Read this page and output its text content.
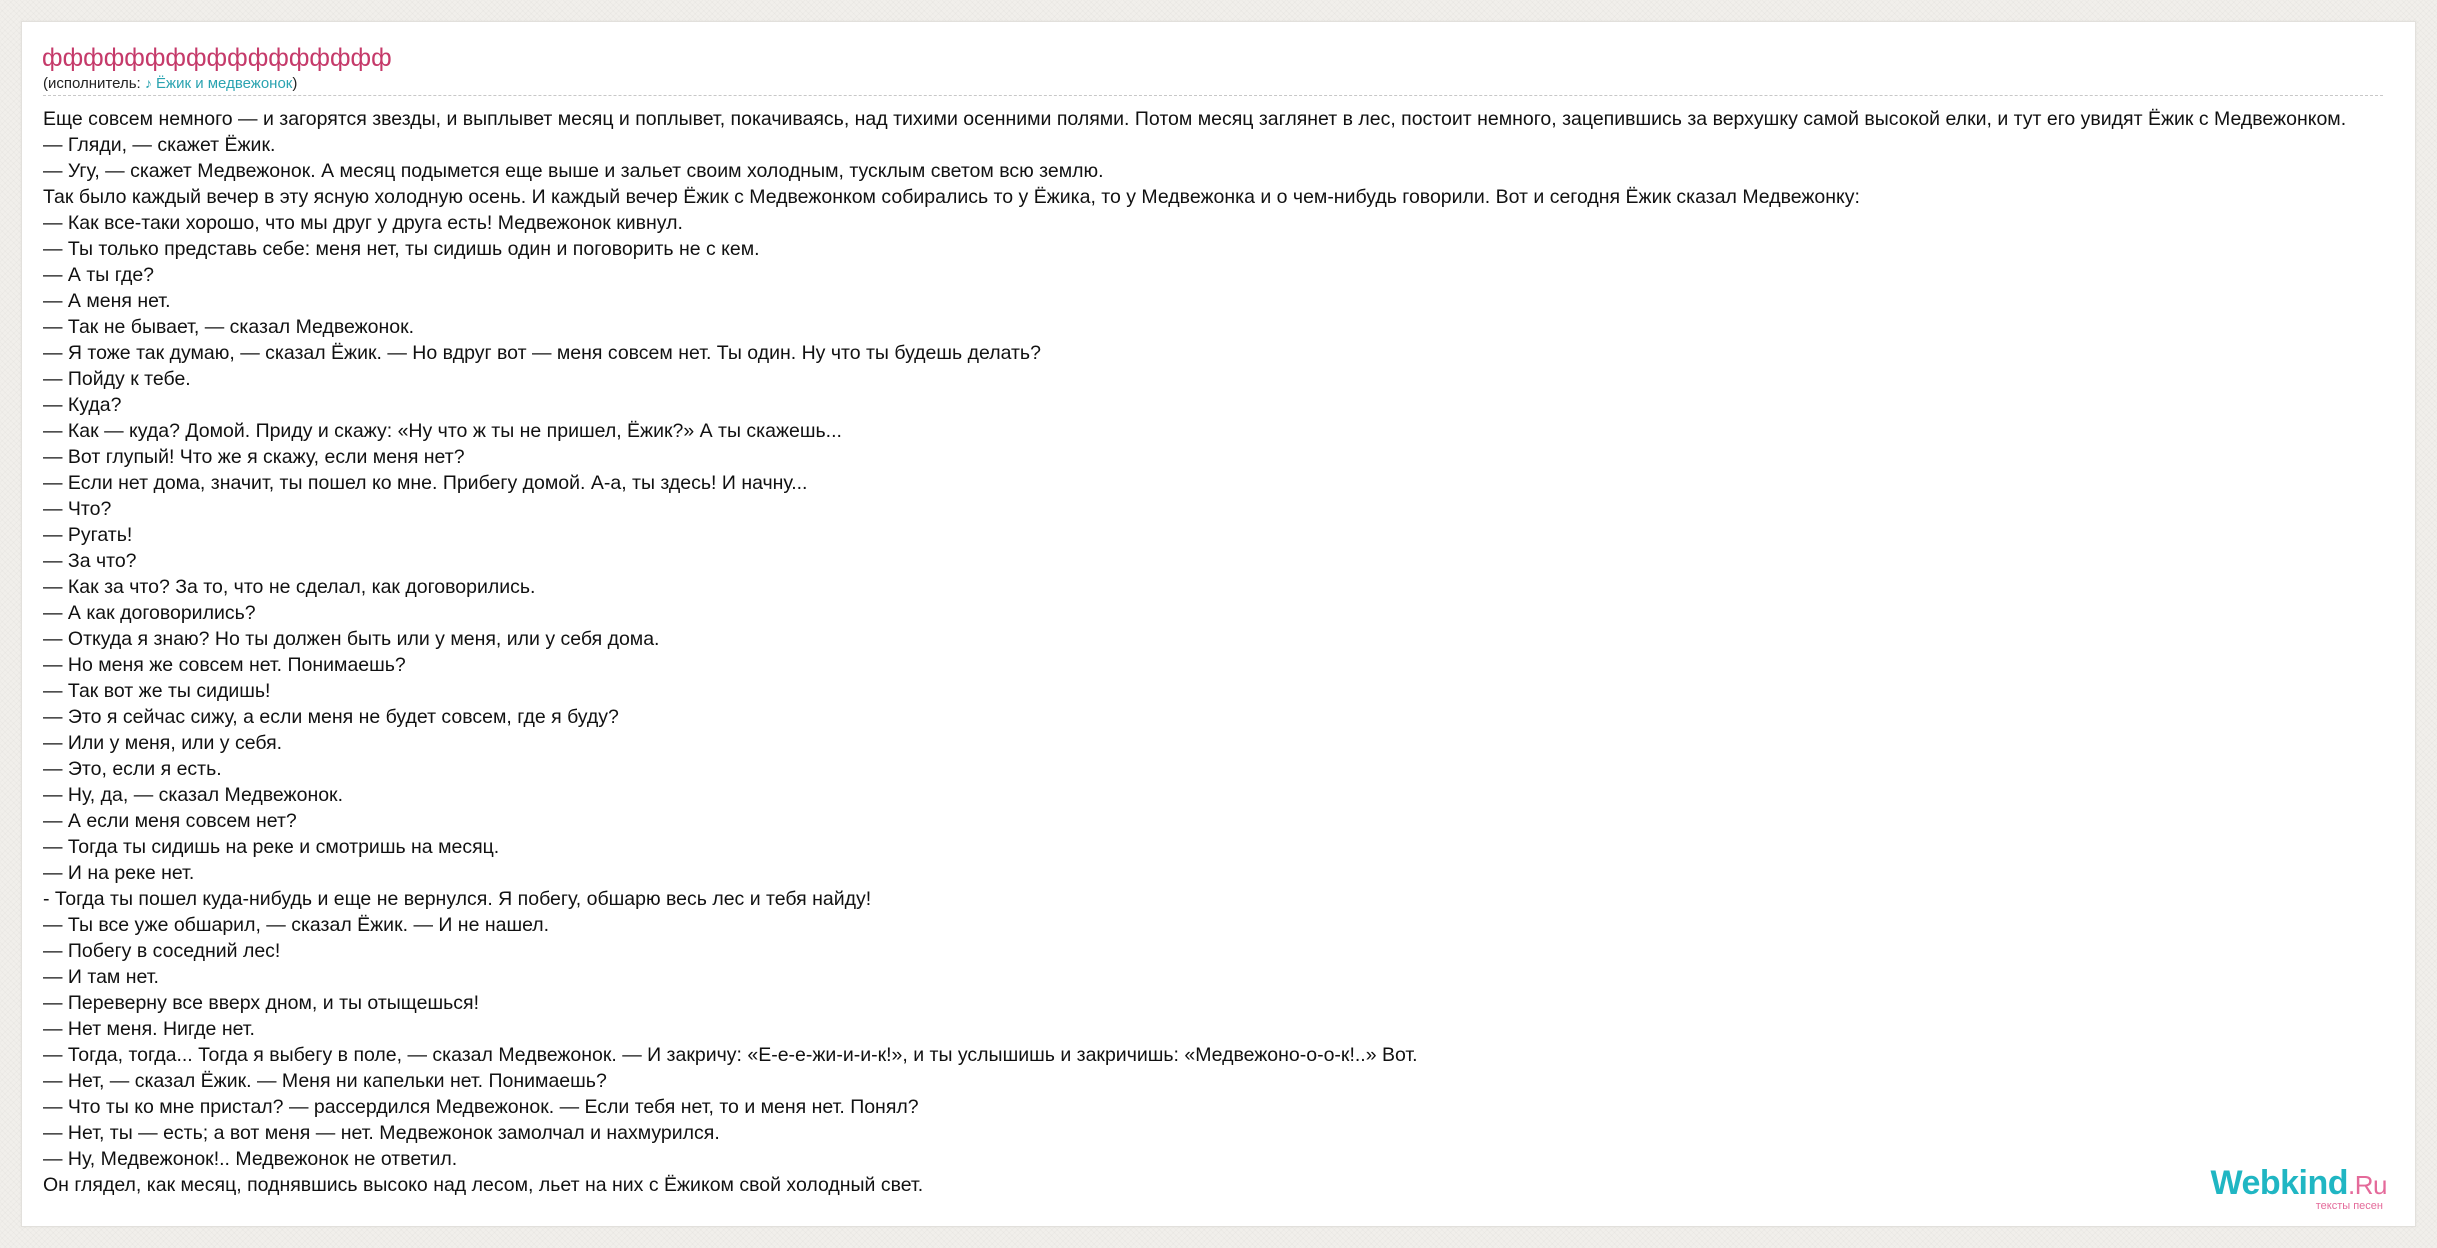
ффффффффффффффффф
(исполнитель: ♪ Ёжик и медвежонок)
Еще совсем немного — и загорятся звезды, и выплывет месяц и поплывет, покачиваясь, над тихими осенними полями. Потом месяц заглянет в лес, постоит немного, зацепившись за верхушку самой высокой елки, и тут его увидят Ёжик с Медвежонком.
— Гляди, — скажет Ёжик.
— Угу, — скажет Медвежонок. А месяц подымется еще выше и зальет своим холодным, тусклым светом всю землю.
Так было каждый вечер в эту ясную холодную осень. И каждый вечер Ёжик с Медвежонком собирались то у Ёжика, то у Медвежонка и о чем-нибудь говорили. Вот и сегодня Ёжик сказал Медвежонку:
— Как все-таки хорошо, что мы друг у друга есть! Медвежонок кивнул.
— Ты только представь себе: меня нет, ты сидишь один и поговорить не с кем.
— А ты где?
— А меня нет.
— Так не бывает, — сказал Медвежонок.
— Я тоже так думаю, — сказал Ёжик. — Но вдруг вот — меня совсем нет. Ты один. Ну что ты будешь делать?
— Пойду к тебе.
— Куда?
— Как — куда? Домой. Приду и скажу: «Ну что ж ты не пришел, Ёжик?» А ты скажешь...
— Вот глупый! Что же я скажу, если меня нет?
— Если нет дома, значит, ты пошел ко мне. Прибегу домой. А-а, ты здесь! И начну...
— Что?
— Ругать!
— За что?
— Как за что? За то, что не сделал, как договорились.
— А как договорились?
— Откуда я знаю? Но ты должен быть или у меня, или у себя дома.
— Но меня же совсем нет. Понимаешь?
— Так вот же ты сидишь!
— Это я сейчас сижу, а если меня не будет совсем, где я буду?
— Или у меня, или у себя.
— Это, если я есть.
— Ну, да, — сказал Медвежонок.
— А если меня совсем нет?
— Тогда ты сидишь на реке и смотришь на месяц.
— И на реке нет.
- Тогда ты пошел куда-нибудь и еще не вернулся. Я побегу, обшарю весь лес и тебя найду!
— Ты все уже обшарил, — сказал Ёжик. — И не нашел.
— Побегу в соседний лес!
— И там нет.
— Переверну все вверх дном, и ты отыщешься!
— Нет меня. Нигде нет.
— Тогда, тогда... Тогда я выбегу в поле, — сказал Медвежонок. — И закричу: «Е-е-е-жи-и-и-к!», и ты услышишь и закричишь: «Медвежоно-о-о-к!..» Вот.
— Нет, — сказал Ёжик. — Меня ни капельки нет. Понимаешь?
— Что ты ко мне пристал? — рассердился Медвежонок. — Если тебя нет, то и меня нет. Понял?
— Нет, ты — есть; а вот меня — нет. Медвежонок замолчал и нахмурился.
— Ну, Медвежонок!.. Медвежонок не ответил.
Он глядел, как месяц, поднявшись высоко над лесом, льет на них с Ёжиком свой холодный свет.	Webkind.Ru
тексты песен
